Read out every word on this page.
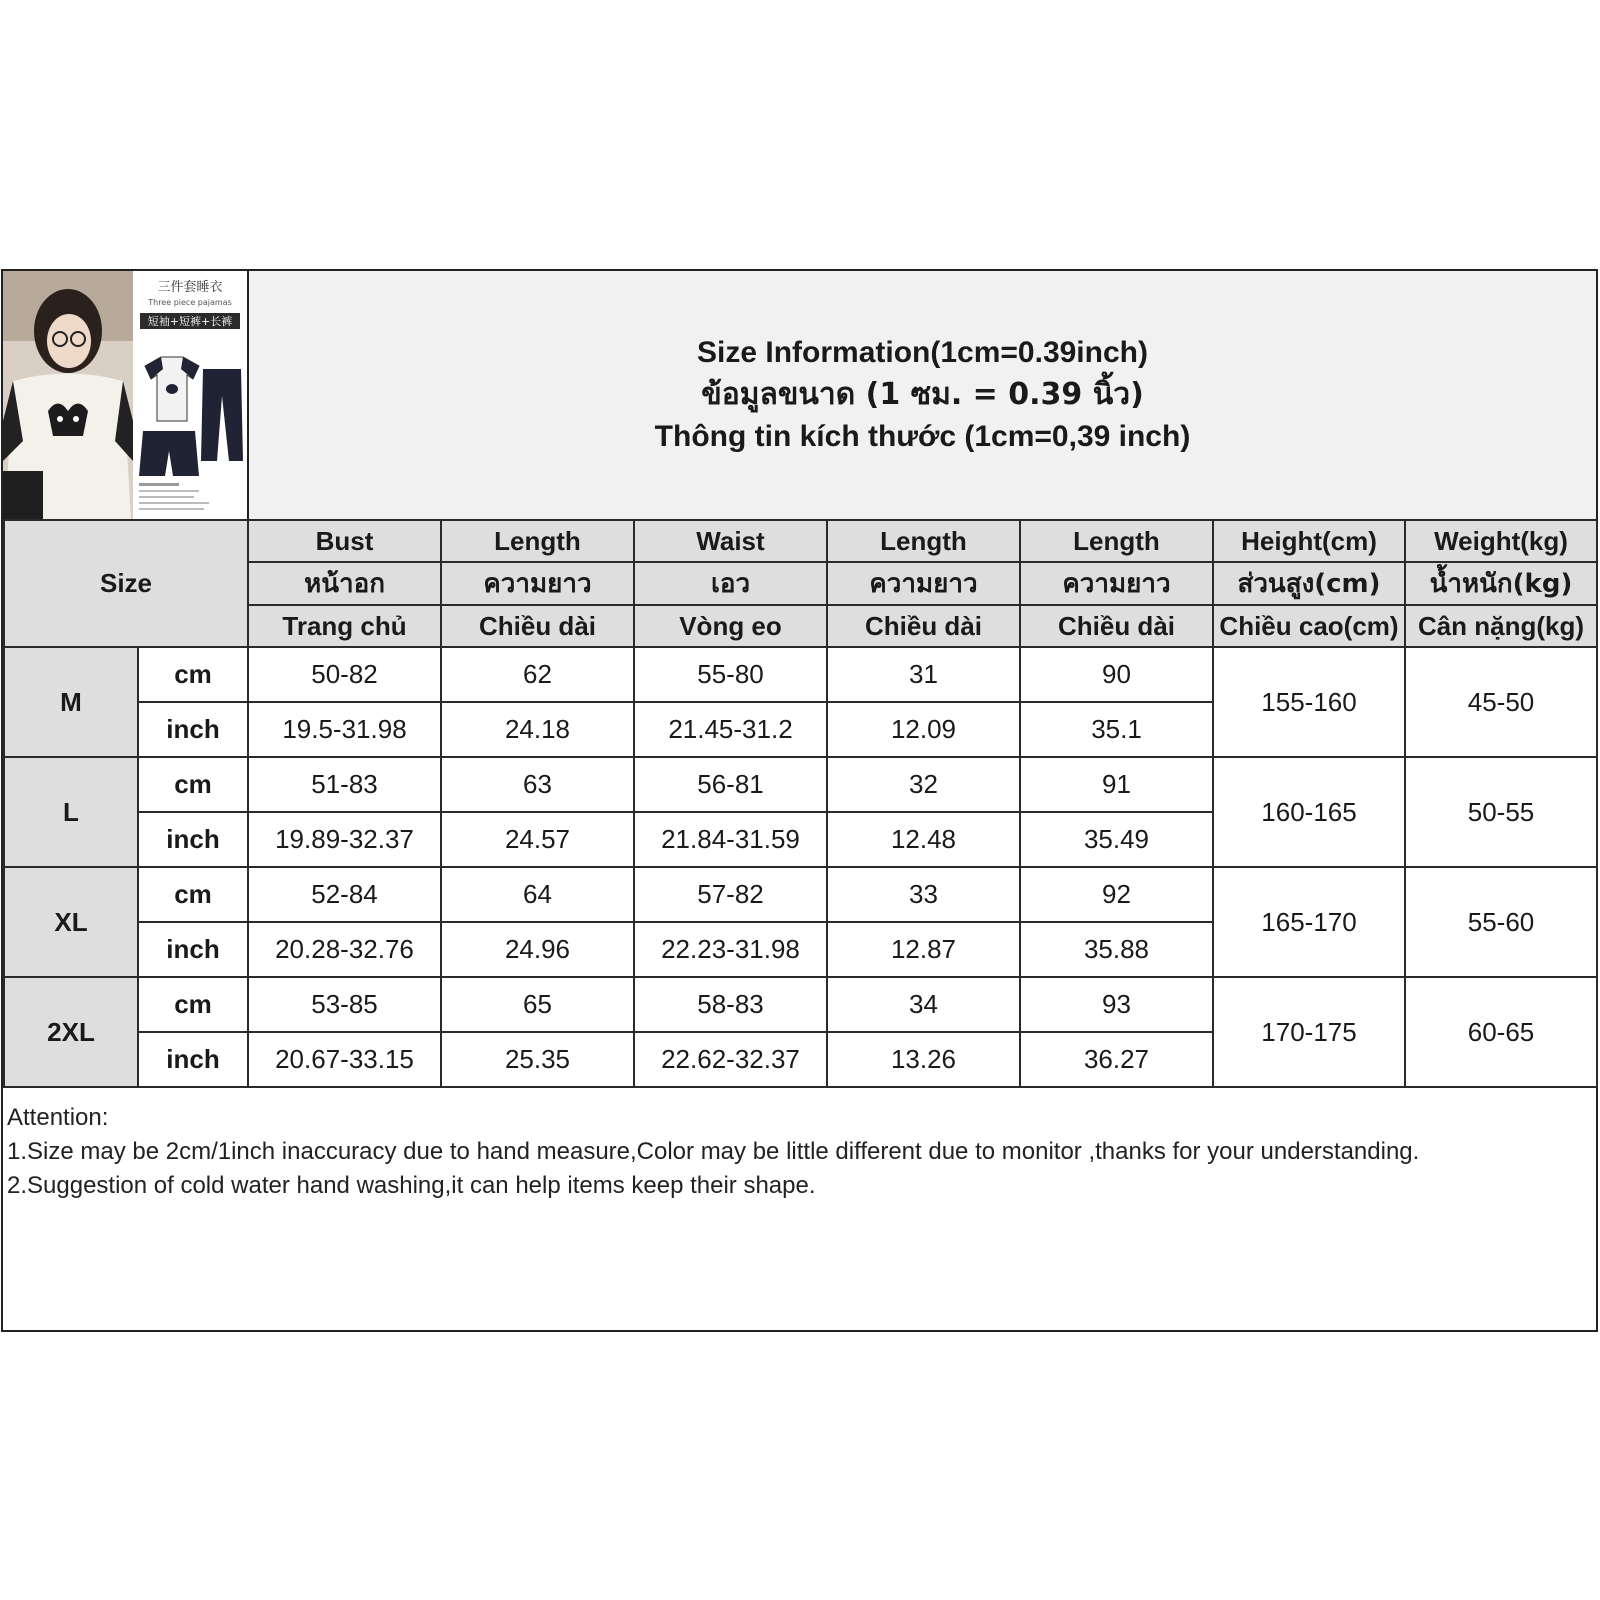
三件套睡衣
Three piece pajamas
短袖+短裤+长裤
Size Information(1cm=0.39inch)
ข้อมูลขนาด (1 ซม. = 0.39 นิ้ว)
Thông tin kích thước (1cm=0,39 inch)
Size		Bust	Length	Waist	Length	Length	Height(cm)	Weight(kg)
		หน้าอก	ความยาว	เอว	ความยาว	ความยาว	ส่วนสูง(cm)	น้ำหนัก(kg)
		Trang chủ	Chiều dài	Vòng eo	Chiều dài	Chiều dài	Chiều cao(cm)	Cân nặng(kg)
M	cm	50-82	62	55-80	31	90	155-160	45-50
	inch	19.5-31.98	24.18	21.45-31.2	12.09	35.1		
L	cm	51-83	63	56-81	32	91	160-165	50-55
	inch	19.89-32.37	24.57	21.84-31.59	12.48	35.49		
XL	cm	52-84	64	57-82	33	92	165-170	55-60
	inch	20.28-32.76	24.96	22.23-31.98	12.87	35.88		
2XL	cm	53-85	65	58-83	34	93	170-175	60-65
	inch	20.67-33.15	25.35	22.62-32.37	13.26	36.27		
Attention:
1.Size may be 2cm/1inch inaccuracy due to hand measure,Color may be little different due to monitor ,thanks for your understanding.
2.Suggestion of cold water hand washing,it can help items keep their shape.
